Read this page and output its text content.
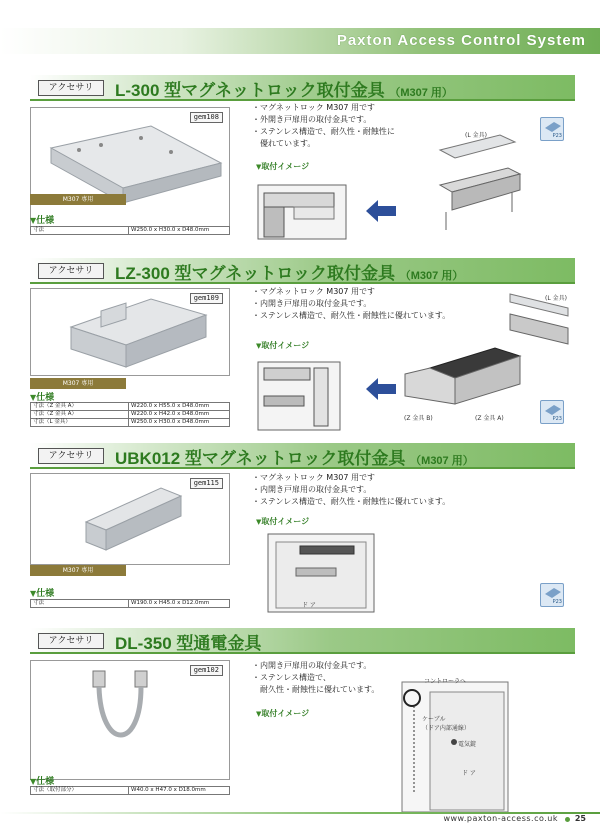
Paxton Access Control System
アクセサリ	L-300 型マグネットロック取付金具 （M307 用）
gem108
M307 専用
▼仕様
寸法	W250.0 x H30.0 x D48.0mm
・マグネットロック M307 用です
・外開き戸扉用の取付金具です。
・ステンレス構造で、耐久性・耐蝕性に
　優れています。
▼取付イメージ
(L 金具)	P23
アクセサリ	LZ-300 型マグネットロック取付金具 （M307 用）
gem109
M307 専用
▼仕様
寸法（Z 金具 A）	W220.0 x H55.0 x D48.0mm
寸法（Z 金具 A）	W220.0 x H42.0 x D48.0mm
寸法（L 金具）	W250.0 x H30.0 x D48.0mm
・マグネットロック M307 用です
・内開き戸扉用の取付金具です。
・ステンレス構造で、耐久性・耐蝕性に優れています。
▼取付イメージ
(L 金具)
(Z 金具 B)	(Z 金具 A)	P23
アクセサリ	UBK012 型マグネットロック取付金具 （M307 用）
gem115
M307 専用
▼仕様
寸法	W190.0 x H45.0 x D12.0mm
・マグネットロック M307 用です
・内開き戸扉用の取付金具です。
・ステンレス構造で、耐久性・耐蝕性に優れています。
▼取付イメージ
ド ア	P23
アクセサリ	DL-350 型通電金具
gem102
▼仕様
寸法（取付部分）	W40.0 x H47.0 x D18.0mm
・内開き戸扉用の取付金具です。
・ステンレス構造で、
　耐久性・耐蝕性に優れています。
▼取付イメージ
コントローラへ
ケーブル
（ドア内部通線）
電気錠
ド ア
www.paxton-access.co.uk 25
